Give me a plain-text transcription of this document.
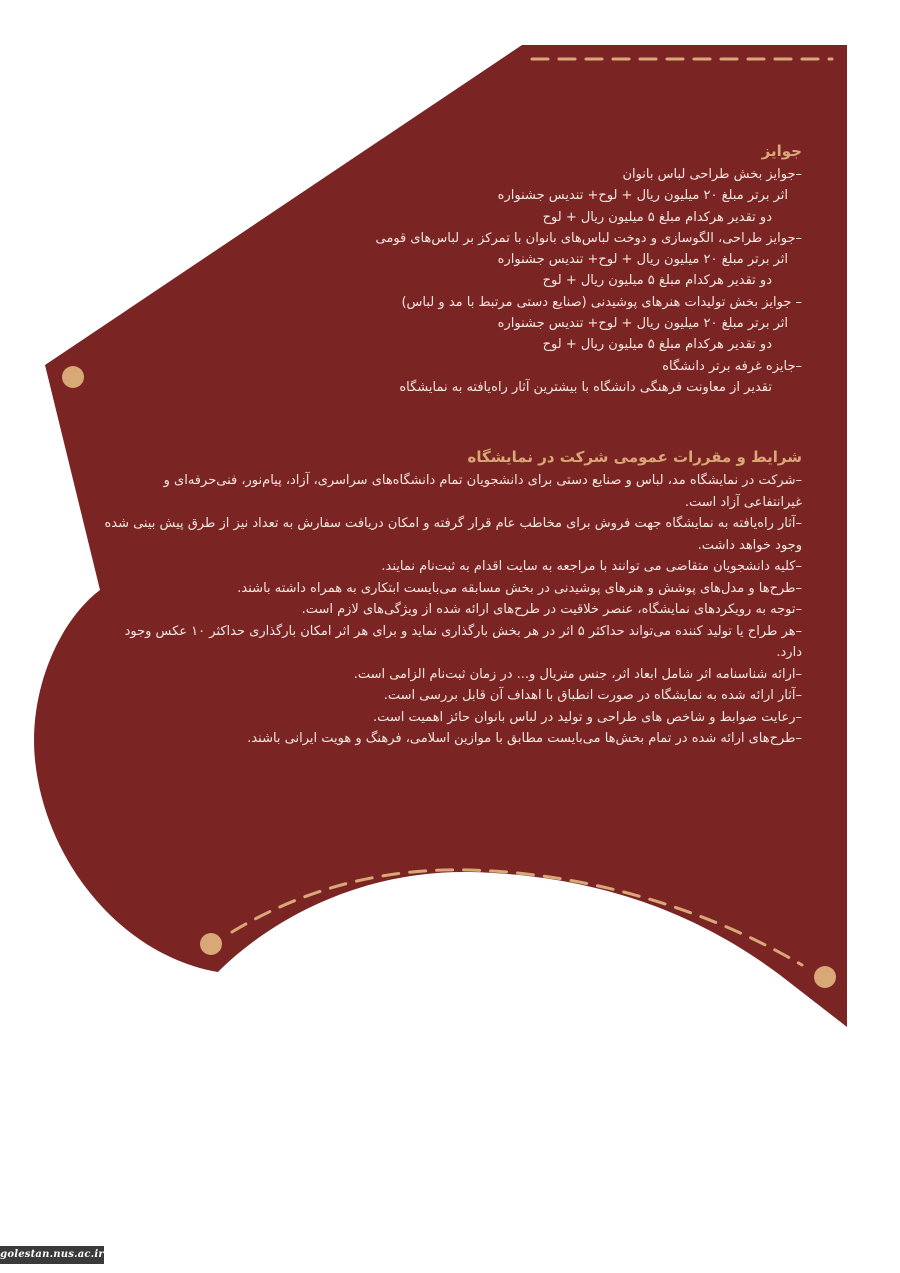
جوایز
–جوایز بخش طراحی لباس بانوان
اثر برتر مبلغ ۲۰ میلیون ریال + لوح+ تندیس جشنواره
دو تقدیر هرکدام مبلغ ۵ میلیون ریال + لوح
–جوایز طراحی، الگوسازی و دوخت لباس‌های بانوان با تمرکز بر لباس‌های قومی
اثر برتر مبلغ ۲۰ میلیون ریال + لوح+ تندیس جشنواره
دو تقدیر هرکدام مبلغ ۵ میلیون ریال + لوح
– جوایز بخش تولیدات هنرهای پوشیدنی (صنایع دستی مرتبط با مد و لباس)
اثر برتر مبلغ ۲۰ میلیون ریال + لوح+ تندیس جشنواره
دو تقدیر هرکدام مبلغ ۵ میلیون ریال + لوح
–جایزه غرفه برتر دانشگاه
تقدیر از معاونت فرهنگی دانشگاه با بیشترین آثار راه‌یافته به نمایشگاه
شرایط و مقررات عمومی شرکت در نمایشگاه
–شرکت در نمایشگاه مد، لباس و صنایع دستی برای دانشجویان تمام دانشگاه‌های سراسری، آزاد، پیام‌نور، فنی‌حرفه‌ای و غیرانتفاعی آزاد است.
–آثار راه‌یافته به نمایشگاه جهت فروش برای مخاطب عام قرار گرفته و امکان دریافت سفارش به تعداد نیز از طرق پیش بینی شده وجود خواهد داشت.
–کلیه دانشجویان متقاضی می توانند با مراجعه به سایت اقدام به ثبت‌نام نمایند.
–طرح‌ها و مدل‌های پوشش و هنرهای پوشیدنی در بخش مسابقه می‌بایست ابتکاری به همراه داشته باشند.
–توجه به رویکردهای نمایشگاه، عنصر خلاقیت در طرح‌های ارائه شده از ویژگی‌های لازم است.
–هر طراح یا تولید کننده می‌تواند حداکثر ۵ اثر در هر بخش بارگذاری نماید و برای هر اثر امکان بارگذاری حداکثر ۱۰ عکس وجود دارد.
–ارائه شناسنامه اثر شامل ابعاد اثر، جنس متریال و... در زمان ثبت‌نام الزامی است.
–آثار ارائه شده به نمایشگاه در صورت انطباق با اهداف آن قابل بررسی است.
–رعایت ضوابط و شاخص های طراحی و تولید در لباس بانوان حائز اهمیت است.
–طرح‌های ارائه شده در تمام بخش‌ها می‌بایست مطابق با موازین اسلامی، فرهنگ و هویت ایرانی باشند.
golestan.nus.ac.ir
